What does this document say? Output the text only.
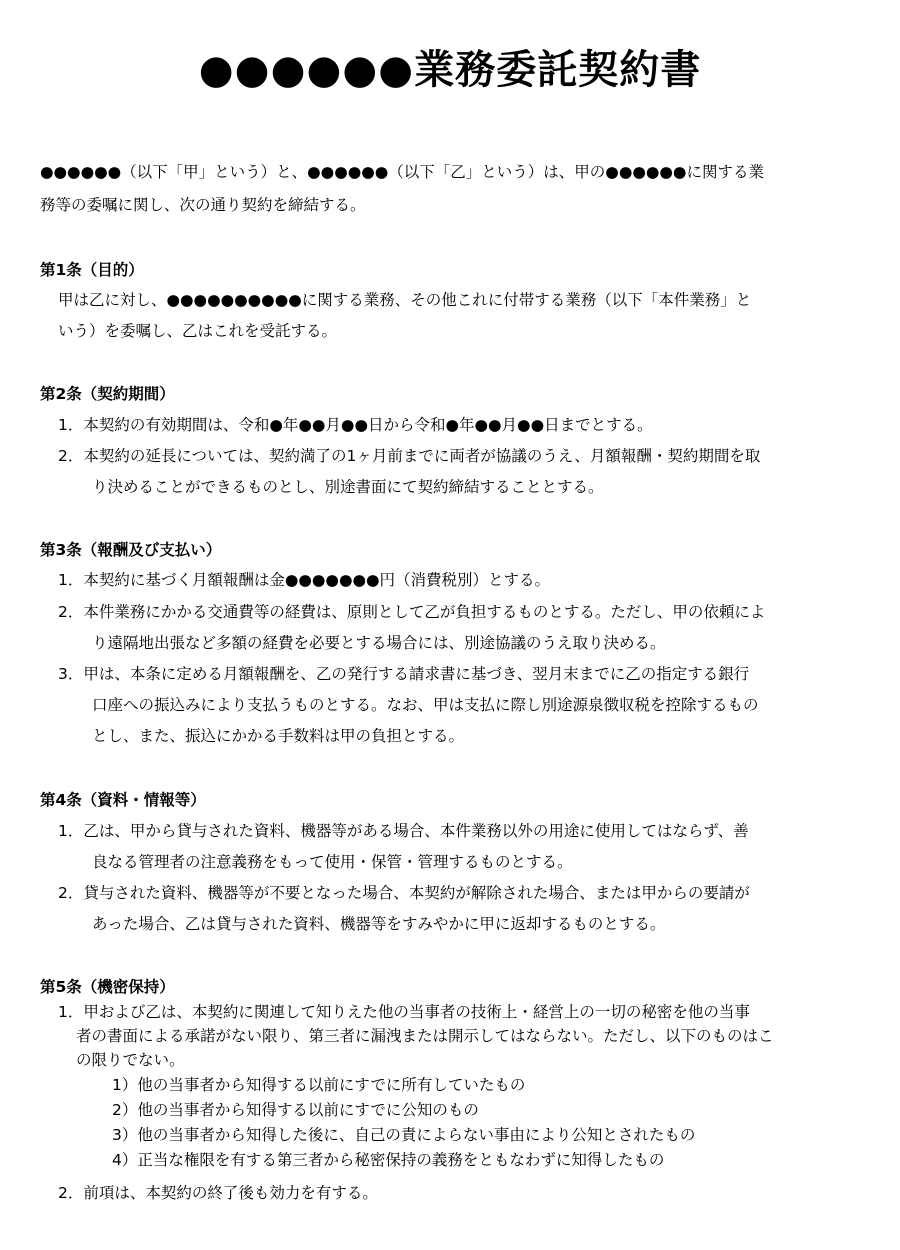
●●●●●●業務委託契約書
●●●●●●（以下「甲」という）と、●●●●●●（以下「乙」という）は、甲の●●●●●●に関する業
務等の委嘱に関し、次の通り契約を締結する。
第1条（目的）
甲は乙に対し、●●●●●●●●●●に関する業務、その他これに付帯する業務（以下「本件業務」と
いう）を委嘱し、乙はこれを受託する。
第2条（契約期間）
1．本契約の有効期間は、令和●年●●月●●日から令和●年●●月●●日までとする。
2．本契約の延長については、契約満了の1ヶ月前までに両者が協議のうえ、月額報酬・契約期間を取
り決めることができるものとし、別途書面にて契約締結することとする。
第3条（報酬及び支払い）
1．本契約に基づく月額報酬は金●●●●●●●円（消費税別）とする。
2．本件業務にかかる交通費等の経費は、原則として乙が負担するものとする。ただし、甲の依頼によ
り遠隔地出張など多額の経費を必要とする場合には、別途協議のうえ取り決める。
3．甲は、本条に定める月額報酬を、乙の発行する請求書に基づき、翌月末までに乙の指定する銀行
口座への振込みにより支払うものとする。なお、甲は支払に際し別途源泉徴収税を控除するもの
とし、また、振込にかかる手数料は甲の負担とする。
第4条（資料・情報等）
1．乙は、甲から貸与された資料、機器等がある場合、本件業務以外の用途に使用してはならず、善
良なる管理者の注意義務をもって使用・保管・管理するものとする。
2．貸与された資料、機器等が不要となった場合、本契約が解除された場合、または甲からの要請が
あった場合、乙は貸与された資料、機器等をすみやかに甲に返却するものとする。
第5条（機密保持）
1．甲および乙は、本契約に関連して知りえた他の当事者の技術上・経営上の一切の秘密を他の当事
者の書面による承諾がない限り、第三者に漏洩または開示してはならない。ただし、以下のものはこ
の限りでない。
1）他の当事者から知得する以前にすでに所有していたもの
2）他の当事者から知得する以前にすでに公知のもの
3）他の当事者から知得した後に、自己の責によらない事由により公知とされたもの
4）正当な権限を有する第三者から秘密保持の義務をともなわずに知得したもの
2．前項は、本契約の終了後も効力を有する。
